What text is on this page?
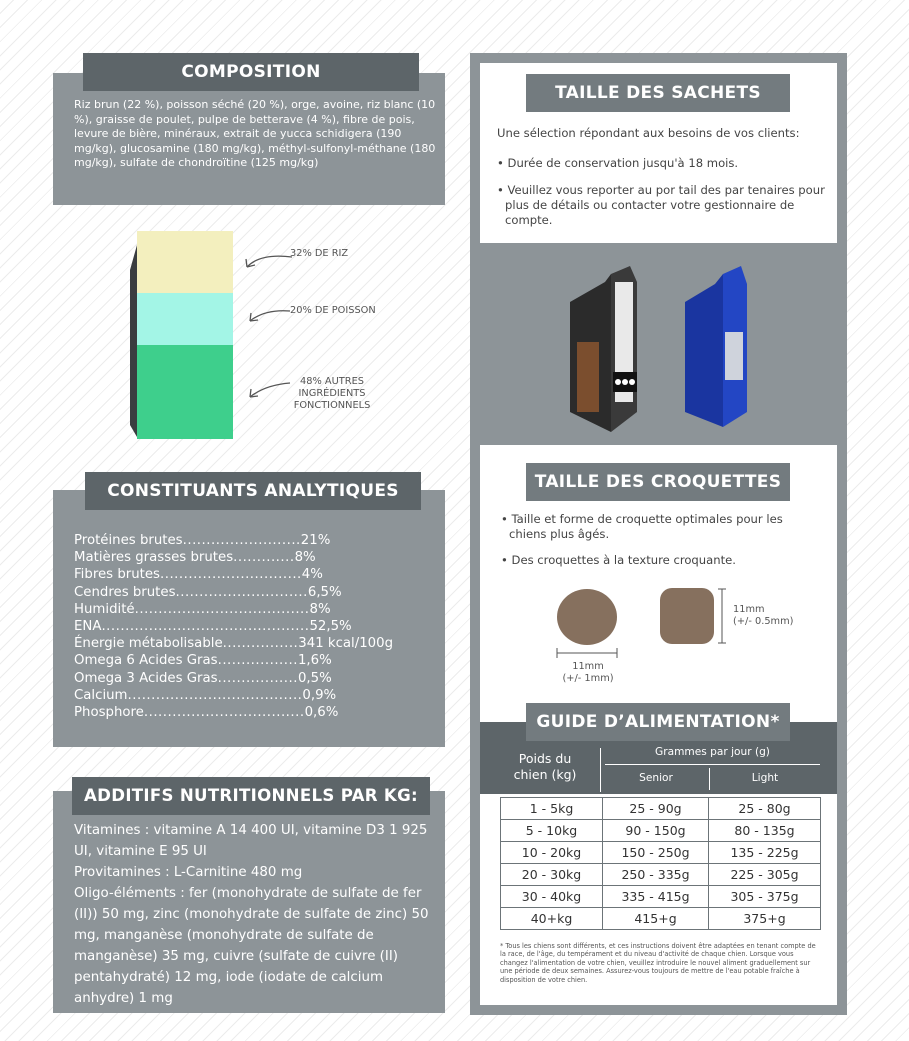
COMPOSITION
Riz brun (22 %), poisson séché (20 %), orge, avoine, riz blanc (10 %), graisse de poulet, pulpe de betterave (4 %), fibre de pois, levure de bière, minéraux, extrait de yucca schidigera (190 mg/kg), glucosamine (180 mg/kg), méthyl-sulfonyl-méthane (180 mg/kg), sulfate de chondroïtine (125 mg/kg)
32% DE RIZ
20% DE POISSON
48% AUTRES INGRÉDIENTS FONCTIONNELS
CONSTITUANTS ANALYTIQUES
Protéines brutes ......................... 21%
Matières grasses brutes ............. 8%
Fibres brutes .............................. 4%
Cendres brutes ............................ 6,5%
Humidité ..................................... 8%
ENA ............................................ 52,5%
Énergie métabolisable ................ 341 kcal/100g
Omega 6 Acides Gras ................. 1,6%
Omega 3 Acides Gras ................. 0,5%
Calcium ..................................... 0,9%
Phosphore .................................. 0,6%
ADDITIFS NUTRITIONNELS PAR KG:

Vitamines : vitamine A 14 400 UI, vitamine D3 1 925 UI, vitamine E 95 UI

Provitamines : L-Carnitine 480 mg

Oligo-éléments : fer (monohydrate de sulfate de fer (II)) 50 mg, zinc (monohydrate de sulfate de zinc) 50 mg, manganèse (monohydrate de sulfate de manganèse) 35 mg, cuivre (sulfate de cuivre (II) pentahydraté) 12 mg, iode (iodate de calcium anhydre) 1 mg

TAILLE DES SACHETS
Une sélection répondant aux besoins de vos clients:
• Durée de conservation jusqu'à 18 mois.
• Veuillez vous reporter au por tail des par tenaires pour plus de détails ou contacter votre gestionnaire de compte.
TAILLE DES CROQUETTES
• Taille et forme de croquette optimales pour les chiens plus âgés.
• Des croquettes à la texture croquante.
11mm
(+/- 1mm)
11mm
(+/- 0.5mm)
GUIDE D’ALIMENTATION*
Poids du chien (kg)
Grammes par jour (g)
Senior	Light
1 - 5kg	25 - 90g	25 - 80g
5 - 10kg	90 - 150g	80 - 135g
10 - 20kg	150 - 250g	135 - 225g
20 - 30kg	250 - 335g	225 - 305g
30 - 40kg	335 - 415g	305 - 375g
40+kg	415+g	375+g
* Tous les chiens sont différents, et ces instructions doivent être adaptées en tenant compte de la race, de l'âge, du tempérament et du niveau d'activité de chaque chien. Lorsque vous changez l'alimentation de votre chien, veuillez introduire le nouvel aliment graduellement sur une période de deux semaines. Assurez-vous toujours de mettre de l'eau potable fraîche à disposition de votre chien.
